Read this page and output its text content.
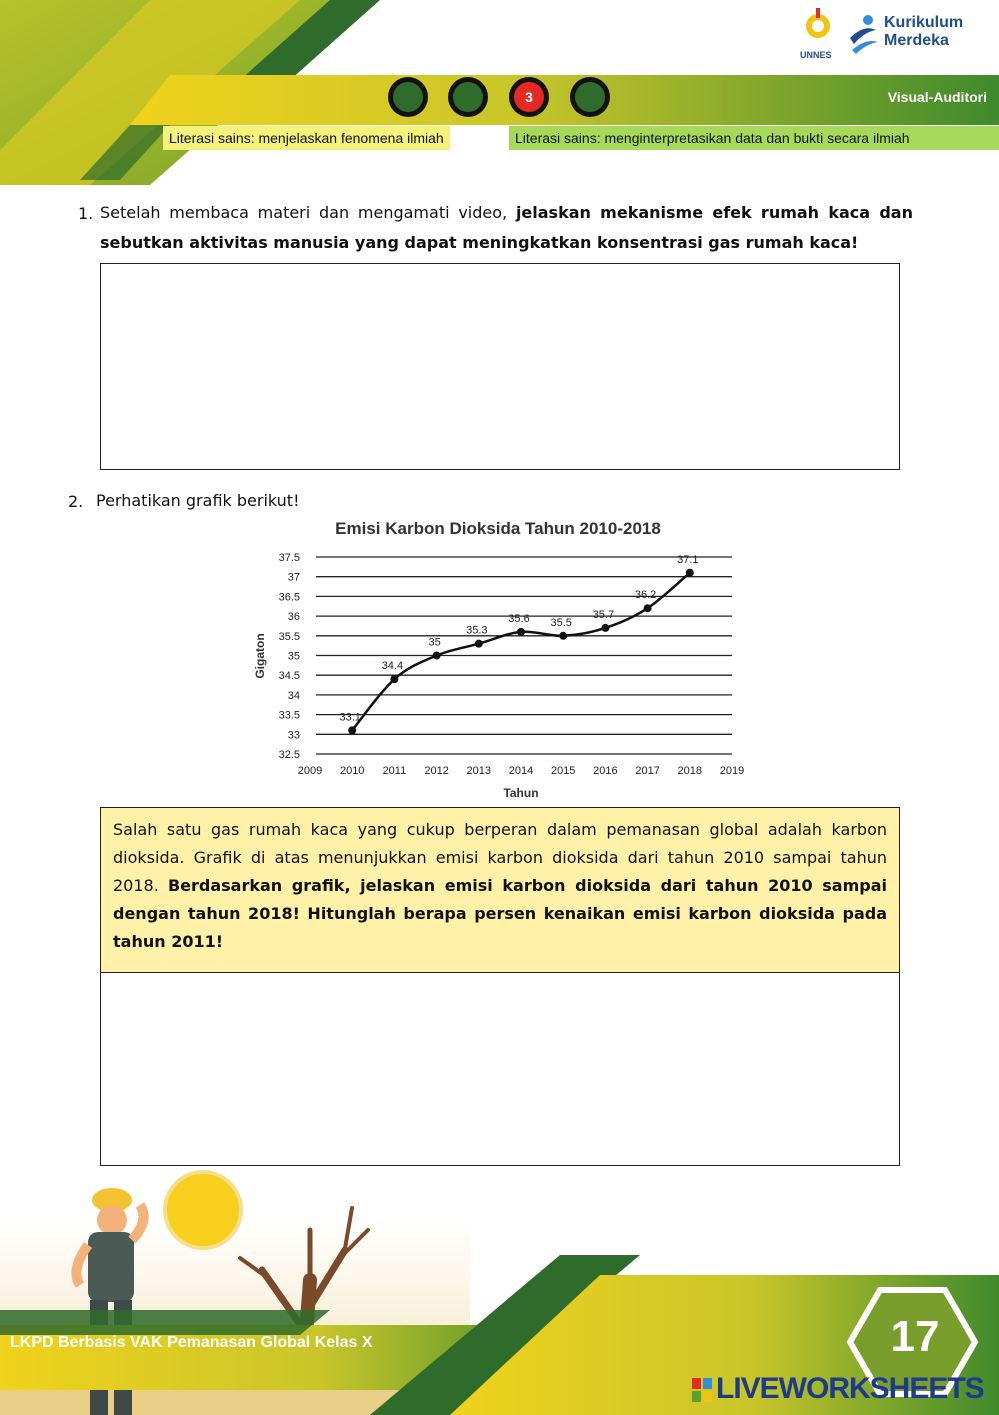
UNNES
Kurikulum
Merdeka
3	Visual-Auditori
Literasi sains: menjelaskan fenomena ilmiah	Literasi sains: menginterpretasikan data dan bukti secara ilmiah
1. Setelah membaca materi dan mengamati video, jelaskan mekanisme efek rumah kaca dan sebutkan aktivitas manusia yang dapat meningkatkan konsentrasi gas rumah kaca!
2. Perhatikan grafik berikut!
Emisi Karbon Dioksida Tahun 2010-2018
32.5
33
33.5
34
34.5
35
35.5
36
36.5
37
37.5
2009 2010 2011 2012 2013 2014 2015 2016 2017 2018 2019
33.1
34.4
35
35.3
35.6 35.5
35.7
36.2
37.1
Gigaton
Tahun
Salah satu gas rumah kaca yang cukup berperan dalam pemanasan global adalah karbon dioksida. Grafik di atas menunjukkan emisi karbon dioksida dari tahun 2010 sampai tahun 2018. Berdasarkan grafik, jelaskan emisi karbon dioksida dari tahun 2010 sampai dengan tahun 2018! Hitunglah berapa persen kenaikan emisi karbon dioksida pada tahun 2011!
LKPD Berbasis VAK Pemanasan Global Kelas X	17
LIVEWORKSHEETS
